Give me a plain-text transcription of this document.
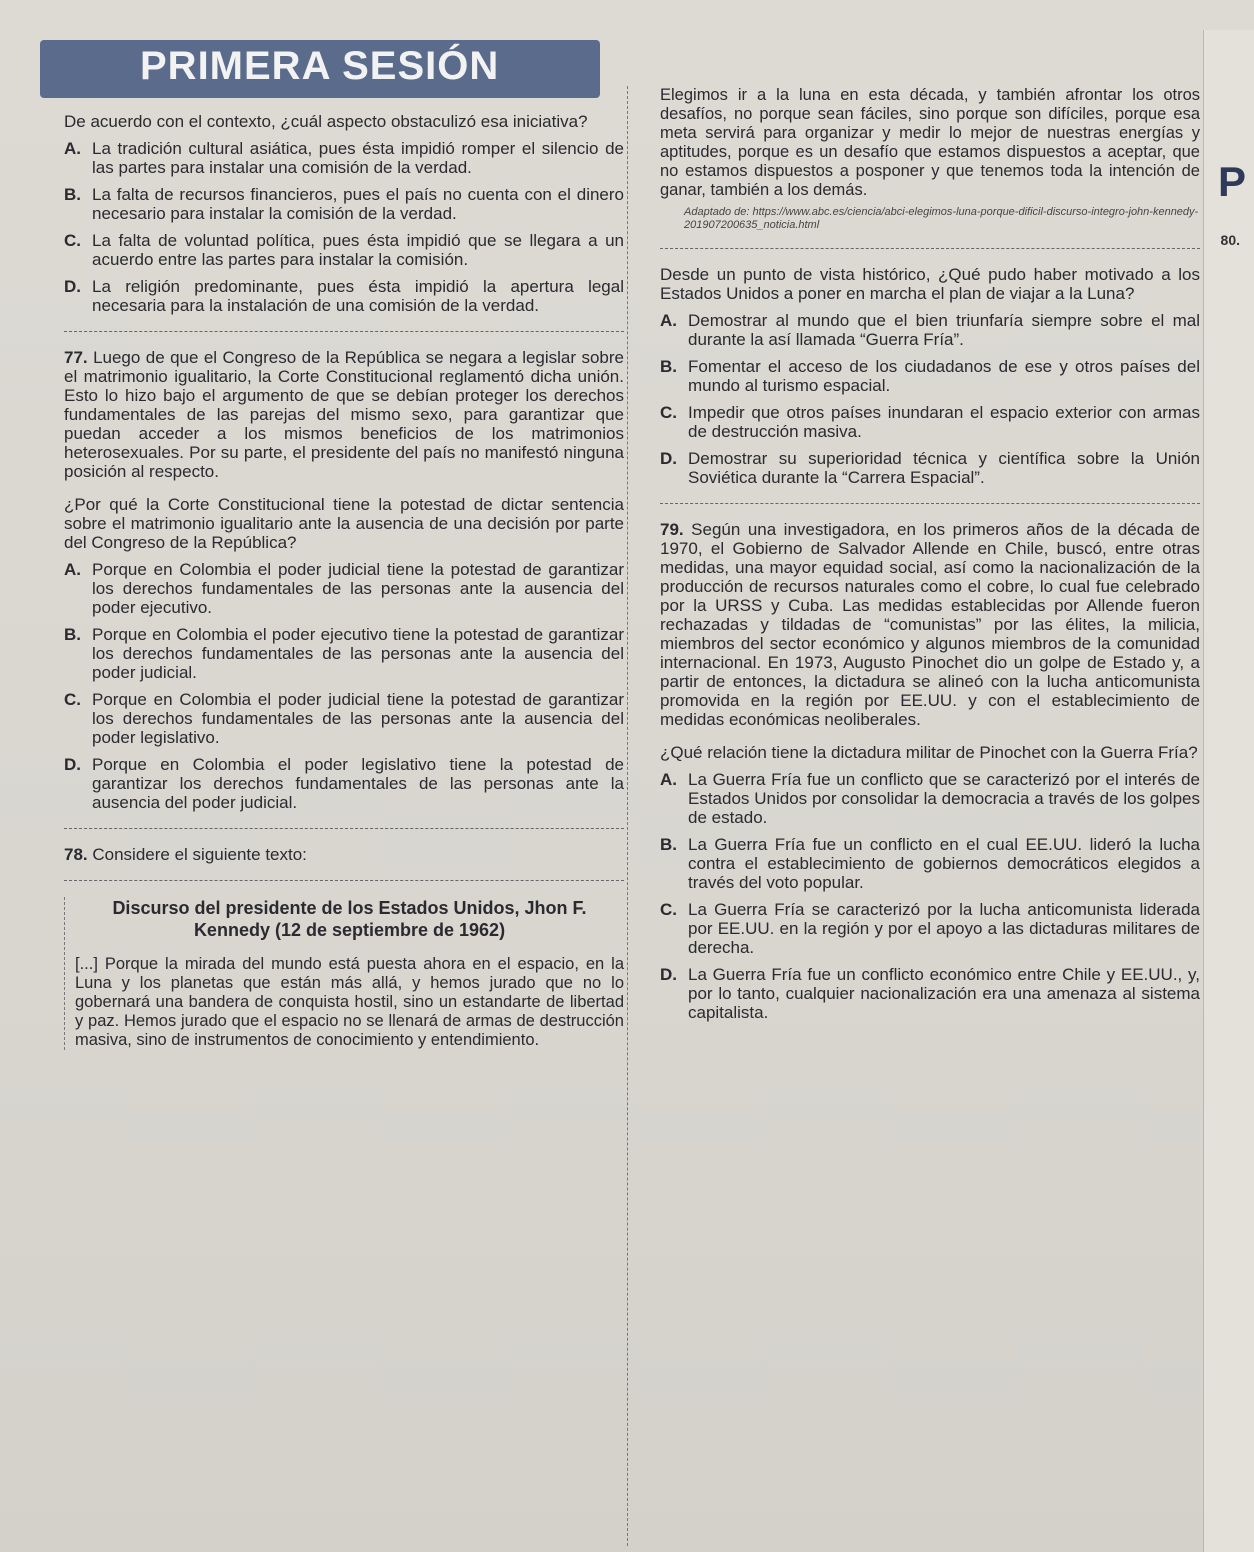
P
80.
PRIMERA SESIÓN

De acuerdo con el contexto, ¿cuál aspecto obstaculizó esa iniciativa?

A. La tradición cultural asiática, pues ésta impidió romper el silencio de las partes para instalar una comisión de la verdad.
B. La falta de recursos financieros, pues el país no cuenta con el dinero necesario para instalar la comisión de la verdad.
C. La falta de voluntad política, pues ésta impidió que se llegara a un acuerdo entre las partes para instalar la comisión.
D. La religión predominante, pues ésta impidió la apertura legal necesaria para la instalación de una comisión de la verdad.

77. Luego de que el Congreso de la República se negara a legislar sobre el matrimonio igualitario, la Corte Constitucional reglamentó dicha unión. Esto lo hizo bajo el argumento de que se debían proteger los derechos fundamentales de las parejas del mismo sexo, para garantizar que puedan acceder a los mismos beneficios de los matrimonios heterosexuales. Por su parte, el presidente del país no manifestó ninguna posición al respecto.

¿Por qué la Corte Constitucional tiene la potestad de dictar sentencia sobre el matrimonio igualitario ante la ausencia de una decisión por parte del Congreso de la República?

A. Porque en Colombia el poder judicial tiene la potestad de garantizar los derechos fundamentales de las personas ante la ausencia del poder ejecutivo.
B. Porque en Colombia el poder ejecutivo tiene la potestad de garantizar los derechos fundamentales de las personas ante la ausencia del poder judicial.
C. Porque en Colombia el poder judicial tiene la potestad de garantizar los derechos fundamentales de las personas ante la ausencia del poder legislativo.
D. Porque en Colombia el poder legislativo tiene la potestad de garantizar los derechos fundamentales de las personas ante la ausencia del poder judicial.

78. Considere el siguiente texto:

Discurso del presidente de los Estados Unidos, Jhon F. Kennedy (12 de septiembre de 1962)

[...] Porque la mirada del mundo está puesta ahora en el espacio, en la Luna y los planetas que están más allá, y hemos jurado que no lo gobernará una bandera de conquista hostil, sino un estandarte de libertad y paz. Hemos jurado que el espacio no se llenará de armas de destrucción masiva, sino de instrumentos de conocimiento y entendimiento.

Elegimos ir a la luna en esta década, y también afrontar los otros desafíos, no porque sean fáciles, sino porque son difíciles, porque esa meta servirá para organizar y medir lo mejor de nuestras energías y aptitudes, porque es un desafío que estamos dispuestos a aceptar, que no estamos dispuestos a posponer y que tenemos toda la intención de ganar, también a los demás.

Adaptado de: https://www.abc.es/ciencia/abci-elegimos-luna-porque-dificil-discurso-integro-john-kennedy-201907200635_noticia.html

Desde un punto de vista histórico, ¿Qué pudo haber motivado a los Estados Unidos a poner en marcha el plan de viajar a la Luna?

A. Demostrar al mundo que el bien triunfaría siempre sobre el mal durante la así llamada “Guerra Fría”.
B. Fomentar el acceso de los ciudadanos de ese y otros países del mundo al turismo espacial.
C. Impedir que otros países inundaran el espacio exterior con armas de destrucción masiva.
D. Demostrar su superioridad técnica y científica sobre la Unión Soviética durante la “Carrera Espacial”.

79. Según una investigadora, en los primeros años de la década de 1970, el Gobierno de Salvador Allende en Chile, buscó, entre otras medidas, una mayor equidad social, así como la nacionalización de la producción de recursos naturales como el cobre, lo cual fue celebrado por la URSS y Cuba. Las medidas establecidas por Allende fueron rechazadas y tildadas de “comunistas” por las élites, la milicia, miembros del sector económico y algunos miembros de la comunidad internacional. En 1973, Augusto Pinochet dio un golpe de Estado y, a partir de entonces, la dictadura se alineó con la lucha anticomunista promovida en la región por EE.UU. y con el establecimiento de medidas económicas neoliberales.

¿Qué relación tiene la dictadura militar de Pinochet con la Guerra Fría?

A. La Guerra Fría fue un conflicto que se caracterizó por el interés de Estados Unidos por consolidar la democracia a través de los golpes de estado.
B. La Guerra Fría fue un conflicto en el cual EE.UU. lideró la lucha contra el establecimiento de gobiernos democráticos elegidos a través del voto popular.
C. La Guerra Fría se caracterizó por la lucha anticomunista liderada por EE.UU. en la región y por el apoyo a las dictaduras militares de derecha.
D. La Guerra Fría fue un conflicto económico entre Chile y EE.UU., y, por lo tanto, cualquier nacionalización era una amenaza al sistema capitalista.
